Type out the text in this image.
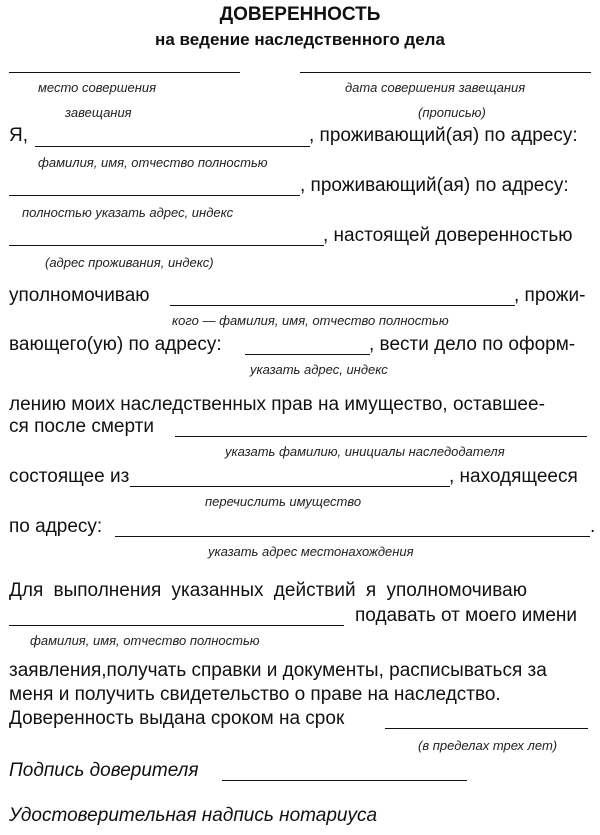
ДОВЕРЕННОСТЬ
на ведение наследственного дела
место совершения
завещания
дата совершения завещания
(прописью)
Я,	, проживающий(ая) по адресу:
фамилия, имя, отчество полностью
, проживающий(ая) по адресу:
полностью указать адрес, индекс
, настоящей доверенностью
(адрес проживания, индекс)
уполномочиваю	, прожи-
кого — фамилия, имя, отчество полностью
вающего(ую) по адресу:	, вести дело по оформ-
указать адрес, индекс
лению моих наследственных прав на имущество, оставшее-
ся после смерти
указать фамилию, инициалы наследодателя
состоящее из	, находящееся
перечислить имущество
по адресу:	.
указать адрес местонахождения
Для выполнения указанных действий я уполномочиваю
подавать от моего имени
фамилия, имя, отчество полностью
заявления,получать справки и документы, расписываться за
меня и получить свидетельство о праве на наследство.
Доверенность выдана сроком на срок
(в пределах трех лет)
Подпись доверителя
Удостоверительная надпись нотариуса
